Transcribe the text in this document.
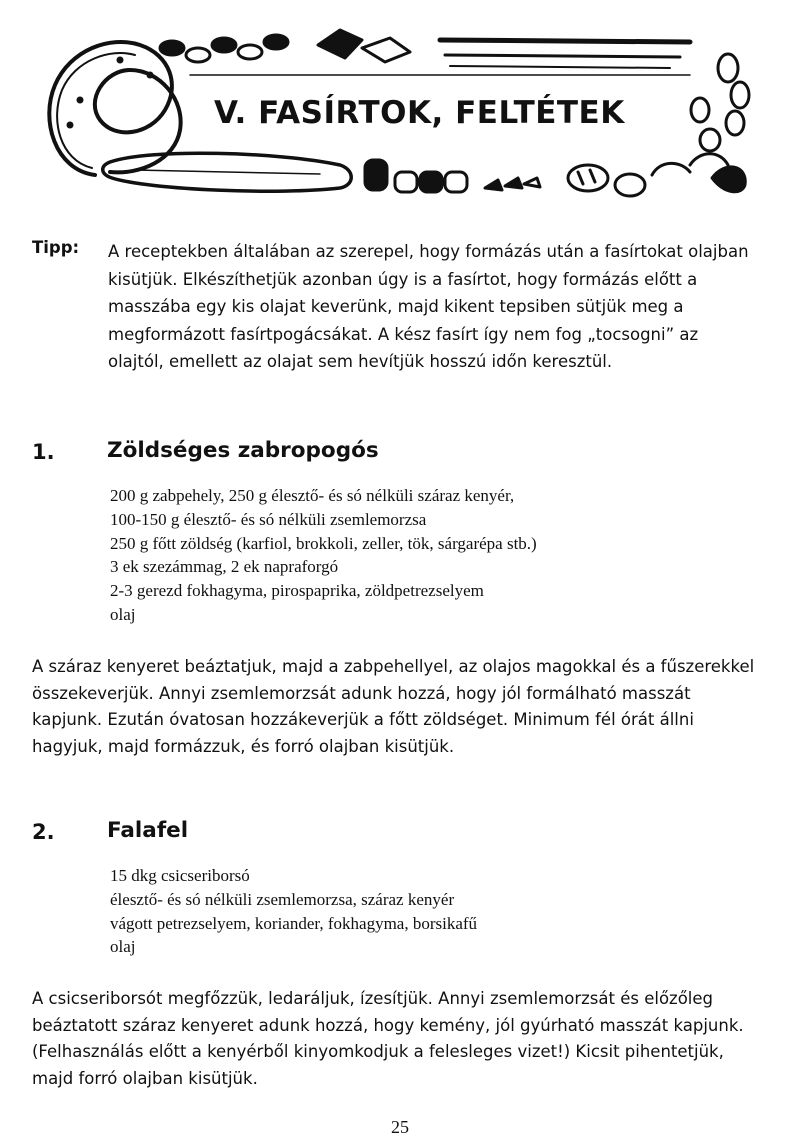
V. FASÍRTOK, FELTÉTEK
Tipp: A receptekben általában az szerepel, hogy formázás után a fasírtokat olajban kisütjük. Elkészíthetjük azonban úgy is a fasírtot, hogy formázás előtt a masszába egy kis olajat keverünk, majd kikent tepsiben sütjük meg a megformázott fasírtpogácsákat. A kész fasírt így nem fog „tocsogni” az olajtól, emellett az olajat sem hevítjük hosszú időn keresztül.
1. Zöldséges zabropogós
200 g zabpehely, 250 g élesztő- és só nélküli száraz kenyér,
100-150 g élesztő- és só nélküli zsemlemorzsa
250 g főtt zöldség (karfiol, brokkoli, zeller, tök, sárgarépa stb.)
3 ek szezámmag, 2 ek napraforgó
2-3 gerezd fokhagyma, pirospaprika, zöldpetrezselyem
olaj

A száraz kenyeret beáztatjuk, majd a zabpehellyel, az olajos magokkal és a fűszerekkel összekeverjük. Annyi zsemlemorzsát adunk hozzá, hogy jól formálható masszát kapjunk. Ezután óvatosan hozzákeverjük a főtt zöldséget. Minimum fél órát állni hagyjuk, majd formázzuk, és forró olajban kisütjük.

2. Falafel
15 dkg csicseriborsó
élesztő- és só nélküli zsemlemorzsa, száraz kenyér
vágott petrezselyem, koriander, fokhagyma, borsikafű
olaj

A csicseriborsót megfőzzük, ledaráljuk, ízesítjük. Annyi zsemlemorzsát és előzőleg beáztatott száraz kenyeret adunk hozzá, hogy kemény, jól gyúrható masszát kapjunk. (Felhasználás előtt a kenyérből kinyomkodjuk a felesleges vizet!) Kicsit pihentetjük, majd forró olajban kisütjük.

25
